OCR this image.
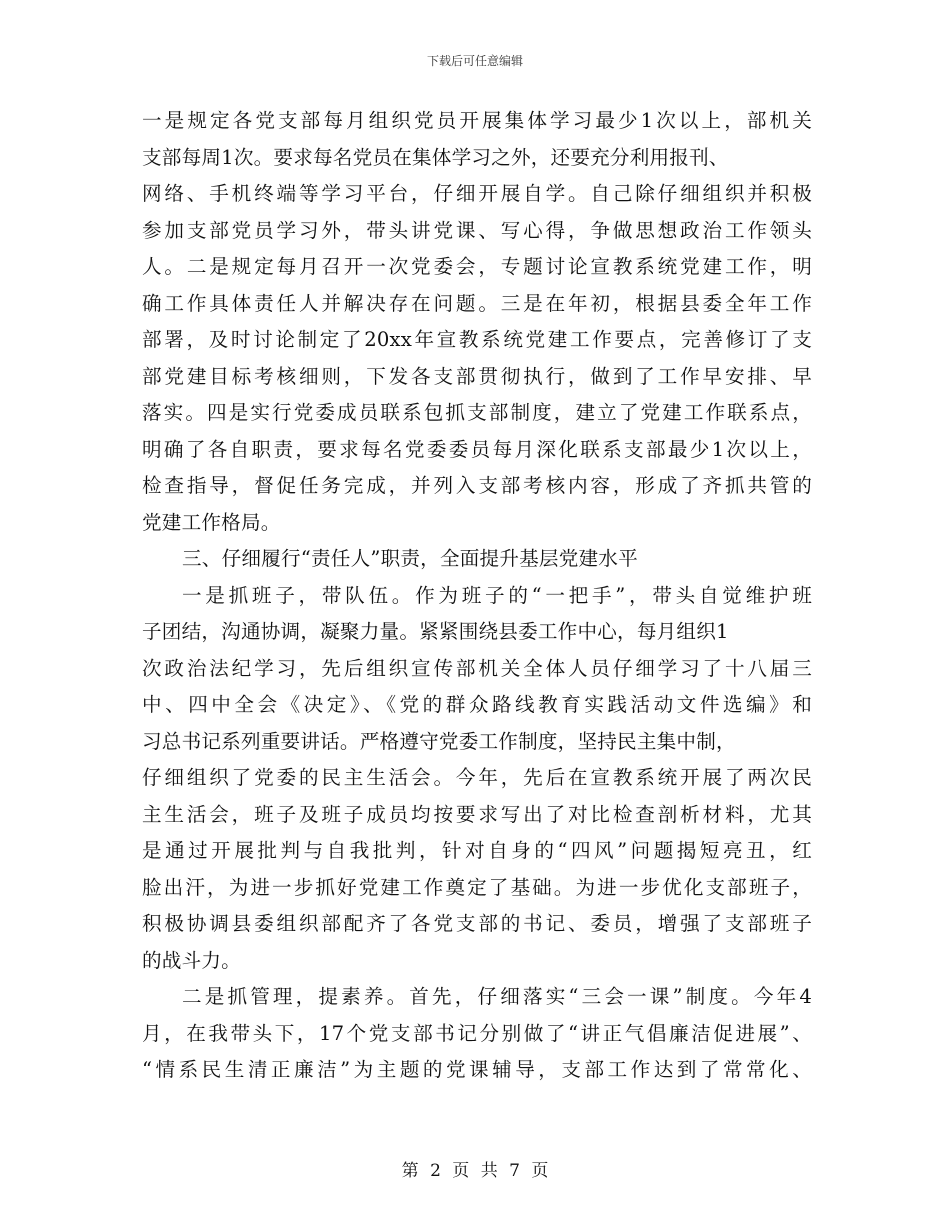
下载后可任意编辑
一是规定各党支部每月组织党员开展集体学习最少1次以上，部机关
支部每周1次。要求每名党员在集体学习之外，还要充分利用报刊、
网络、手机终端等学习平台，仔细开展自学。自己除仔细组织并积极
参加支部党员学习外，带头讲党课、写心得，争做思想政治工作领头
人。二是规定每月召开一次党委会，专题讨论宣教系统党建工作，明
确工作具体责任人并解决存在问题。三是在年初，根据县委全年工作
部署，及时讨论制定了20xx年宣教系统党建工作要点，完善修订了支
部党建目标考核细则，下发各支部贯彻执行，做到了工作早安排、早
落实。四是实行党委成员联系包抓支部制度，建立了党建工作联系点，
明确了各自职责，要求每名党委委员每月深化联系支部最少1次以上，
检查指导，督促任务完成，并列入支部考核内容，形成了齐抓共管的
党建工作格局。
三、仔细履行“责任人”职责，全面提升基层党建水平
一是抓班子，带队伍。作为班子的“一把手”，带头自觉维护班
子团结，沟通协调，凝聚力量。紧紧围绕县委工作中心，每月组织1
次政治法纪学习，先后组织宣传部机关全体人员仔细学习了十八届三
中、四中全会《决定》、《党的群众路线教育实践活动文件选编》和
习总书记系列重要讲话。严格遵守党委工作制度，坚持民主集中制，
仔细组织了党委的民主生活会。今年，先后在宣教系统开展了两次民
主生活会，班子及班子成员均按要求写出了对比检查剖析材料，尤其
是通过开展批判与自我批判，针对自身的“四风”问题揭短亮丑，红
脸出汗，为进一步抓好党建工作奠定了基础。为进一步优化支部班子，
积极协调县委组织部配齐了各党支部的书记、委员，增强了支部班子
的战斗力。
二是抓管理，提素养。首先，仔细落实“三会一课”制度。今年4
月，在我带头下，17个党支部书记分别做了“讲正气倡廉洁促进展”、
“情系民生清正廉洁”为主题的党课辅导，支部工作达到了常常化、
第 2 页 共 7 页
